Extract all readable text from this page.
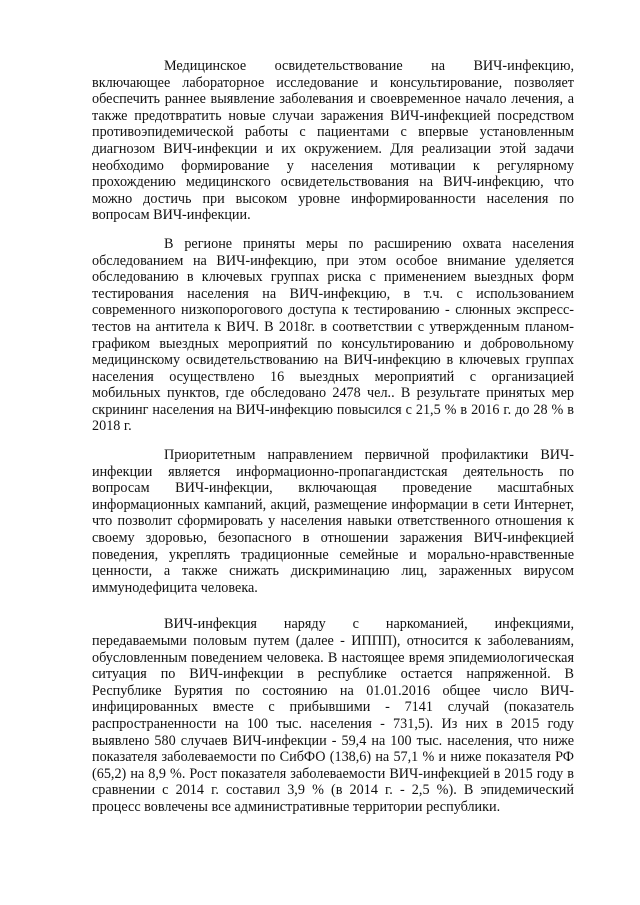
Медицинское освидетельствование на ВИЧ-инфекцию, включающее лабораторное исследование и консультирование, позволяет обеспечить раннее выявление заболевания и своевременное начало лечения, а также предотвратить новые случаи заражения ВИЧ-инфекцией посредством противоэпидемической работы с пациентами с впервые установленным диагнозом ВИЧ-инфекции и их окружением. Для реализации этой задачи необходимо формирование у населения мотивации к регулярному прохождению медицинского освидетельствования на ВИЧ-инфекцию, что можно достичь при высоком уровне информированности населения по вопросам ВИЧ-инфекции.

В регионе приняты меры по расширению охвата населения обследованием на ВИЧ-инфекцию, при этом особое внимание уделяется обследованию в ключевых группах риска с применением выездных форм тестирования населения на ВИЧ-инфекцию, в т.ч. с использованием современного низкопорогового доступа к тестированию - слюнных экспресс-тестов на антитела к ВИЧ. В 2018г. в соответствии с утвержденным планом-графиком выездных мероприятий по консультированию и добровольному медицинскому освидетельствованию на ВИЧ-инфекцию в ключевых группах населения осуществлено 16 выездных мероприятий с организацией мобильных пунктов, где обследовано 2478 чел.. В результате принятых мер скрининг населения на ВИЧ-инфекцию повысился с 21,5 % в 2016 г. до 28 % в 2018 г.

Приоритетным направлением первичной профилактики ВИЧ-инфекции является информационно-пропагандистская деятельность по вопросам ВИЧ-инфекции, включающая проведение масштабных информационных кампаний, акций, размещение информации в сети Интернет, что позволит сформировать у населения навыки ответственного отношения к своему здоровью, безопасного в отношении заражения ВИЧ-инфекцией поведения, укреплять традиционные семейные и морально-нравственные ценности, а также снижать дискриминацию лиц, зараженных вирусом иммунодефицита человека.

ВИЧ-инфекция наряду с наркоманией, инфекциями, передаваемыми половым путем (далее - ИППП), относится к заболеваниям, обусловленным поведением человека. В настоящее время эпидемиологическая ситуация по ВИЧ-инфекции в республике остается напряженной. В Республике Бурятия по состоянию на 01.01.2016 общее число ВИЧ-инфицированных вместе с прибывшими - 7141 случай (показатель распространенности на 100 тыс. населения - 731,5). Из них в 2015 году выявлено 580 случаев ВИЧ-инфекции - 59,4 на 100 тыс. населения, что ниже показателя заболеваемости по СибФО (138,6) на 57,1 % и ниже показателя РФ (65,2) на 8,9 %. Рост показателя заболеваемости ВИЧ-инфекцией в 2015 году в сравнении с 2014 г. составил 3,9 % (в 2014 г. - 2,5 %). В эпидемический процесс вовлечены все административные территории республики.
